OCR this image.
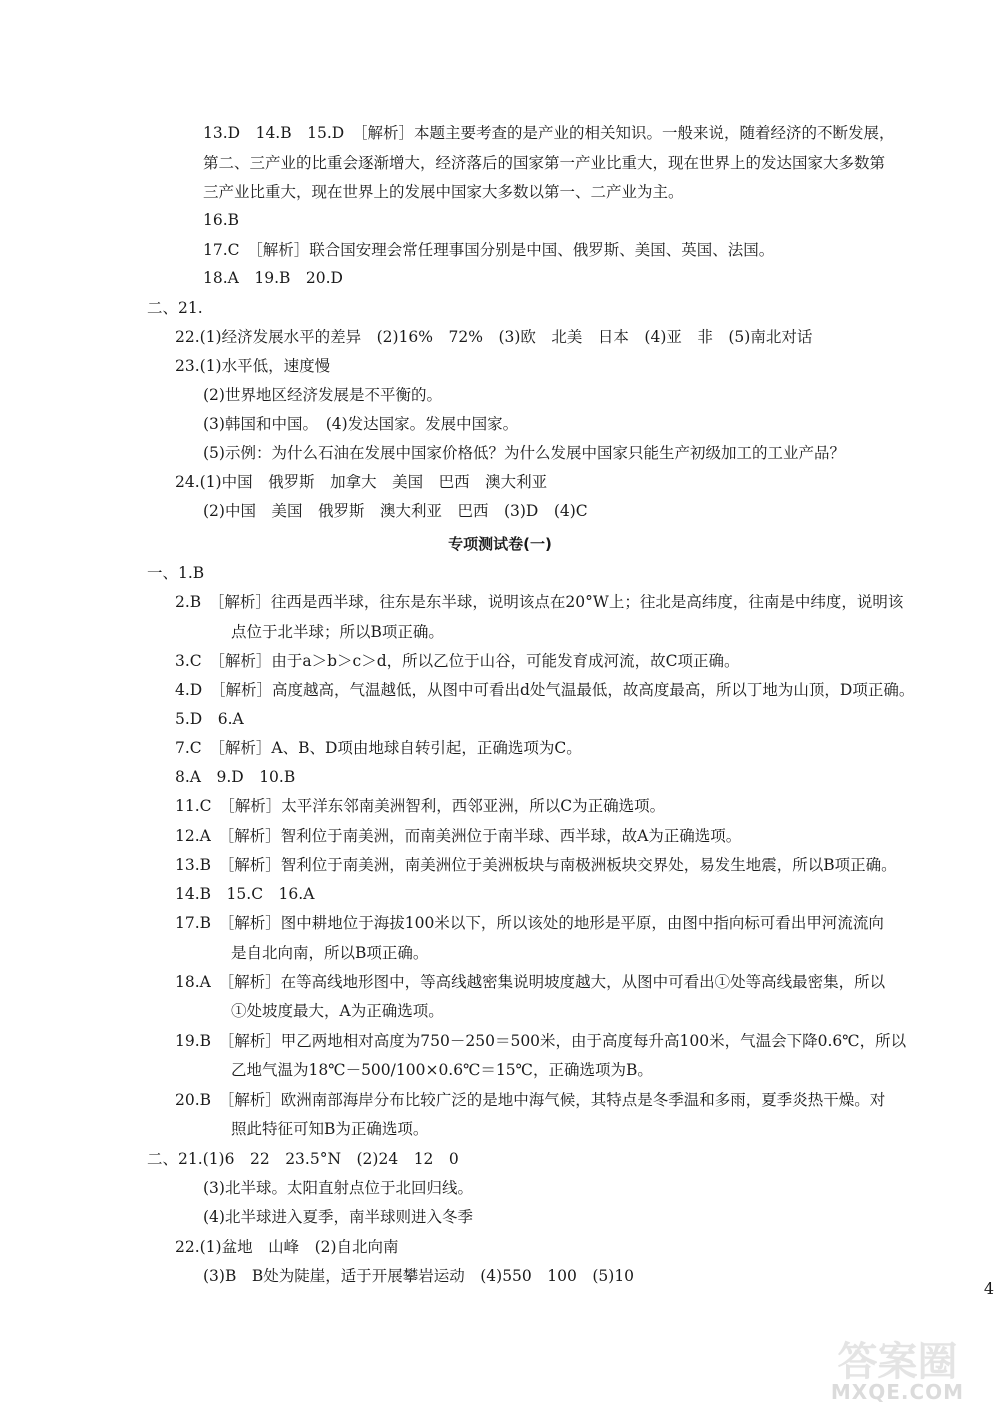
13.D　14.B　15.D　［解析］本题主要考查的是产业的相关知识。一般来说，随着经济的不断发展，
第二、三产业的比重会逐渐增大，经济落后的国家第一产业比重大，现在世界上的发达国家大多数第
三产业比重大，现在世界上的发展中国家大多数以第一、二产业为主。
16.B
17.C　［解析］联合国安理会常任理事国分别是中国、俄罗斯、美国、英国、法国。
18.A　19.B　20.D
二、21.
22.(1)经济发展水平的差异　(2)16%　72%　(3)欧　北美　日本　(4)亚　非　(5)南北对话
23.(1)水平低，速度慢
(2)世界地区经济发展是不平衡的。
(3)韩国和中国。　(4)发达国家。发展中国家。
(5)示例：为什么石油在发展中国家价格低？为什么发展中国家只能生产初级加工的工业产品？
24.(1)中国　俄罗斯　加拿大　美国　巴西　澳大利亚
(2)中国　美国　俄罗斯　澳大利亚　巴西　(3)D　(4)C
专项测试卷(一)
一、1.B
2.B　［解析］往西是西半球，往东是东半球，说明该点在20°W上；往北是高纬度，往南是中纬度，说明该
点位于北半球；所以B项正确。
3.C　［解析］由于a＞b＞c＞d，所以乙位于山谷，可能发育成河流，故C项正确。
4.D　［解析］高度越高，气温越低，从图中可看出d处气温最低，故高度最高，所以丁地为山顶，D项正确。
5.D　6.A
7.C　［解析］A、B、D项由地球自转引起，正确选项为C。
8.A　9.D　10.B
11.C　［解析］太平洋东邻南美洲智利，西邻亚洲，所以C为正确选项。
12.A　［解析］智利位于南美洲，而南美洲位于南半球、西半球，故A为正确选项。
13.B　［解析］智利位于南美洲，南美洲位于美洲板块与南极洲板块交界处，易发生地震，所以B项正确。
14.B　15.C　16.A
17.B　［解析］图中耕地位于海拔100米以下，所以该处的地形是平原，由图中指向标可看出甲河流流向
是自北向南，所以B项正确。
18.A　［解析］在等高线地形图中，等高线越密集说明坡度越大，从图中可看出①处等高线最密集，所以
①处坡度最大，A为正确选项。
19.B　［解析］甲乙两地相对高度为750－250＝500米，由于高度每升高100米，气温会下降0.6℃，所以
乙地气温为18℃－500/100×0.6℃＝15℃，正确选项为B。
20.B　［解析］欧洲南部海岸分布比较广泛的是地中海气候，其特点是冬季温和多雨，夏季炎热干燥。对
照此特征可知B为正确选项。
二、21.(1)6　22　23.5°N　(2)24　12　0
(3)北半球。太阳直射点位于北回归线。
(4)北半球进入夏季，南半球则进入冬季
22.(1)盆地　山峰　(2)自北向南
(3)B　B处为陡崖，适于开展攀岩运动　(4)550　100　(5)10
4
答案圈
MXQE.COM
